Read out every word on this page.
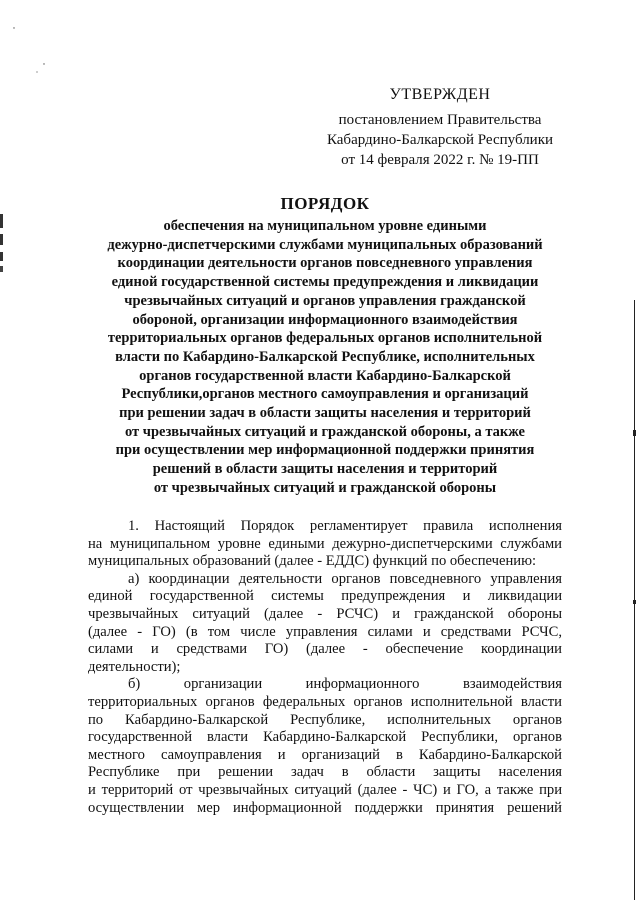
УТВЕРЖДЕН
постановлением Правительства
Кабардино-Балкарской Республики
от 14 февраля 2022 г. № 19-ПП
ПОРЯДОК
обеспечения на муниципальном уровне едиными
дежурно-диспетчерскими службами муниципальных образований
координации деятельности органов повседневного управления
единой государственной системы предупреждения и ликвидации
чрезвычайных ситуаций и органов управления гражданской
обороной, организации информационного взаимодействия
территориальных органов федеральных органов исполнительной
власти по Кабардино-Балкарской Республике, исполнительных
органов государственной власти Кабардино-Балкарской
Республики,органов местного самоуправления и организаций
при решении задач в области защиты населения и территорий
от чрезвычайных ситуаций и гражданской обороны, а также
при осуществлении мер информационной поддержки принятия
решений в области защиты населения и территорий
от чрезвычайных ситуаций и гражданской обороны
1. Настоящий Порядок регламентирует правила исполнения
на муниципальном уровне едиными дежурно-диспетчерскими службами
муниципальных образований (далее - ЕДДС) функций по обеспечению:
а) координации деятельности органов повседневного управления
единой государственной системы предупреждения и ликвидации
чрезвычайных ситуаций (далее - РСЧС) и гражданской обороны
(далее - ГО) (в том числе управления силами и средствами РСЧС,
силами и средствами ГО) (далее - обеспечение координации
деятельности);
б) организации информационного взаимодействия
территориальных органов федеральных органов исполнительной власти
по Кабардино-Балкарской Республике, исполнительных органов
государственной власти Кабардино-Балкарской Республики, органов
местного самоуправления и организаций в Кабардино-Балкарской
Республике при решении задач в области защиты населения
и территорий от чрезвычайных ситуаций (далее - ЧС) и ГО, а также при
осуществлении мер информационной поддержки принятия решений
